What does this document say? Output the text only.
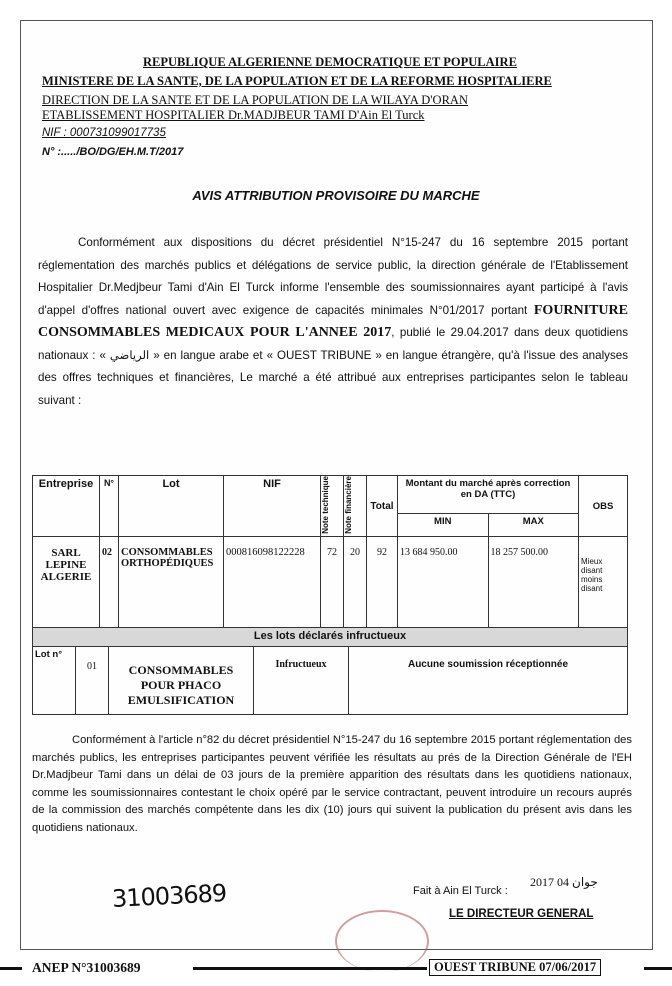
REPUBLIQUE ALGERIENNE DEMOCRATIQUE ET POPULAIRE
MINISTERE DE LA SANTE, DE LA POPULATION ET DE LA REFORME HOSPITALIERE
DIRECTION DE LA SANTE ET DE LA POPULATION DE LA WILAYA D'ORAN
ETABLISSEMENT HOSPITALIER Dr.MADJBEUR TAMI D'Ain El Turck
NIF : 000731099017735
N° :...../BO/DG/EH.M.T/2017
AVIS ATTRIBUTION PROVISOIRE DU MARCHE
Conformément aux dispositions du décret présidentiel N°15-247 du 16 septembre 2015 portant réglementation des marchés publics et délégations de service public, la direction générale de l'Etablissement Hospitalier Dr.Medjbeur Tami d'Ain El Turck informe l'ensemble des soumissionnaires ayant participé à l'avis d'appel d'offres national ouvert avec exigence de capacités minimales N°01/2017 portant FOURNITURE CONSOMMABLES MEDICAUX POUR L'ANNEE 2017, publié le 29.04.2017 dans deux quotidiens nationaux : « الرياضي » en langue arabe et « OUEST TRIBUNE » en langue étrangère, qu'à l'issue des analyses des offres techniques et financières, Le marché a été attribué aux entreprises participantes selon le tableau suivant :
Entreprise	N°	Lot	NIF	Note technique	Note financière	Total	Montant du marché après correction en DA (TTC)		OBS
							MIN	MAX	
SARL LEPINE ALGERIE	02	CONSOMMABLES ORTHOPÉDIQUES	000816098122228	72	20	92	13 684 950.00	18 257 500.00	Mieux disant moins disant
Les lots déclarés infructueux
Lot n°	01	CONSOMMABLES POUR PHACO EMULSIFICATION	Infructueux	Aucune soumission réceptionnée
Conformément à l'article n°82 du décret présidentiel N°15-247 du 16 septembre 2015 portant réglementation des marchés publics, les entreprises participantes peuvent vérifiée les résultats au prés de la Direction Générale de l'EH Dr.Madjbeur Tami dans un délai de 03 jours de la première apparition des résultats dans les quotidiens nationaux, comme les soumissionnaires contestant le choix opéré par le service contractant, peuvent introduire un recours auprés de la commission des marchés compétente dans les dix (10) jours qui suivent la publication du présent avis dans les quotidiens nationaux.
31003689	Fait à Ain El Turck :
2017 جوان 04
LE DIRECTEUR GENERAL
ANEP N°31003689	OUEST TRIBUNE 07/06/2017
